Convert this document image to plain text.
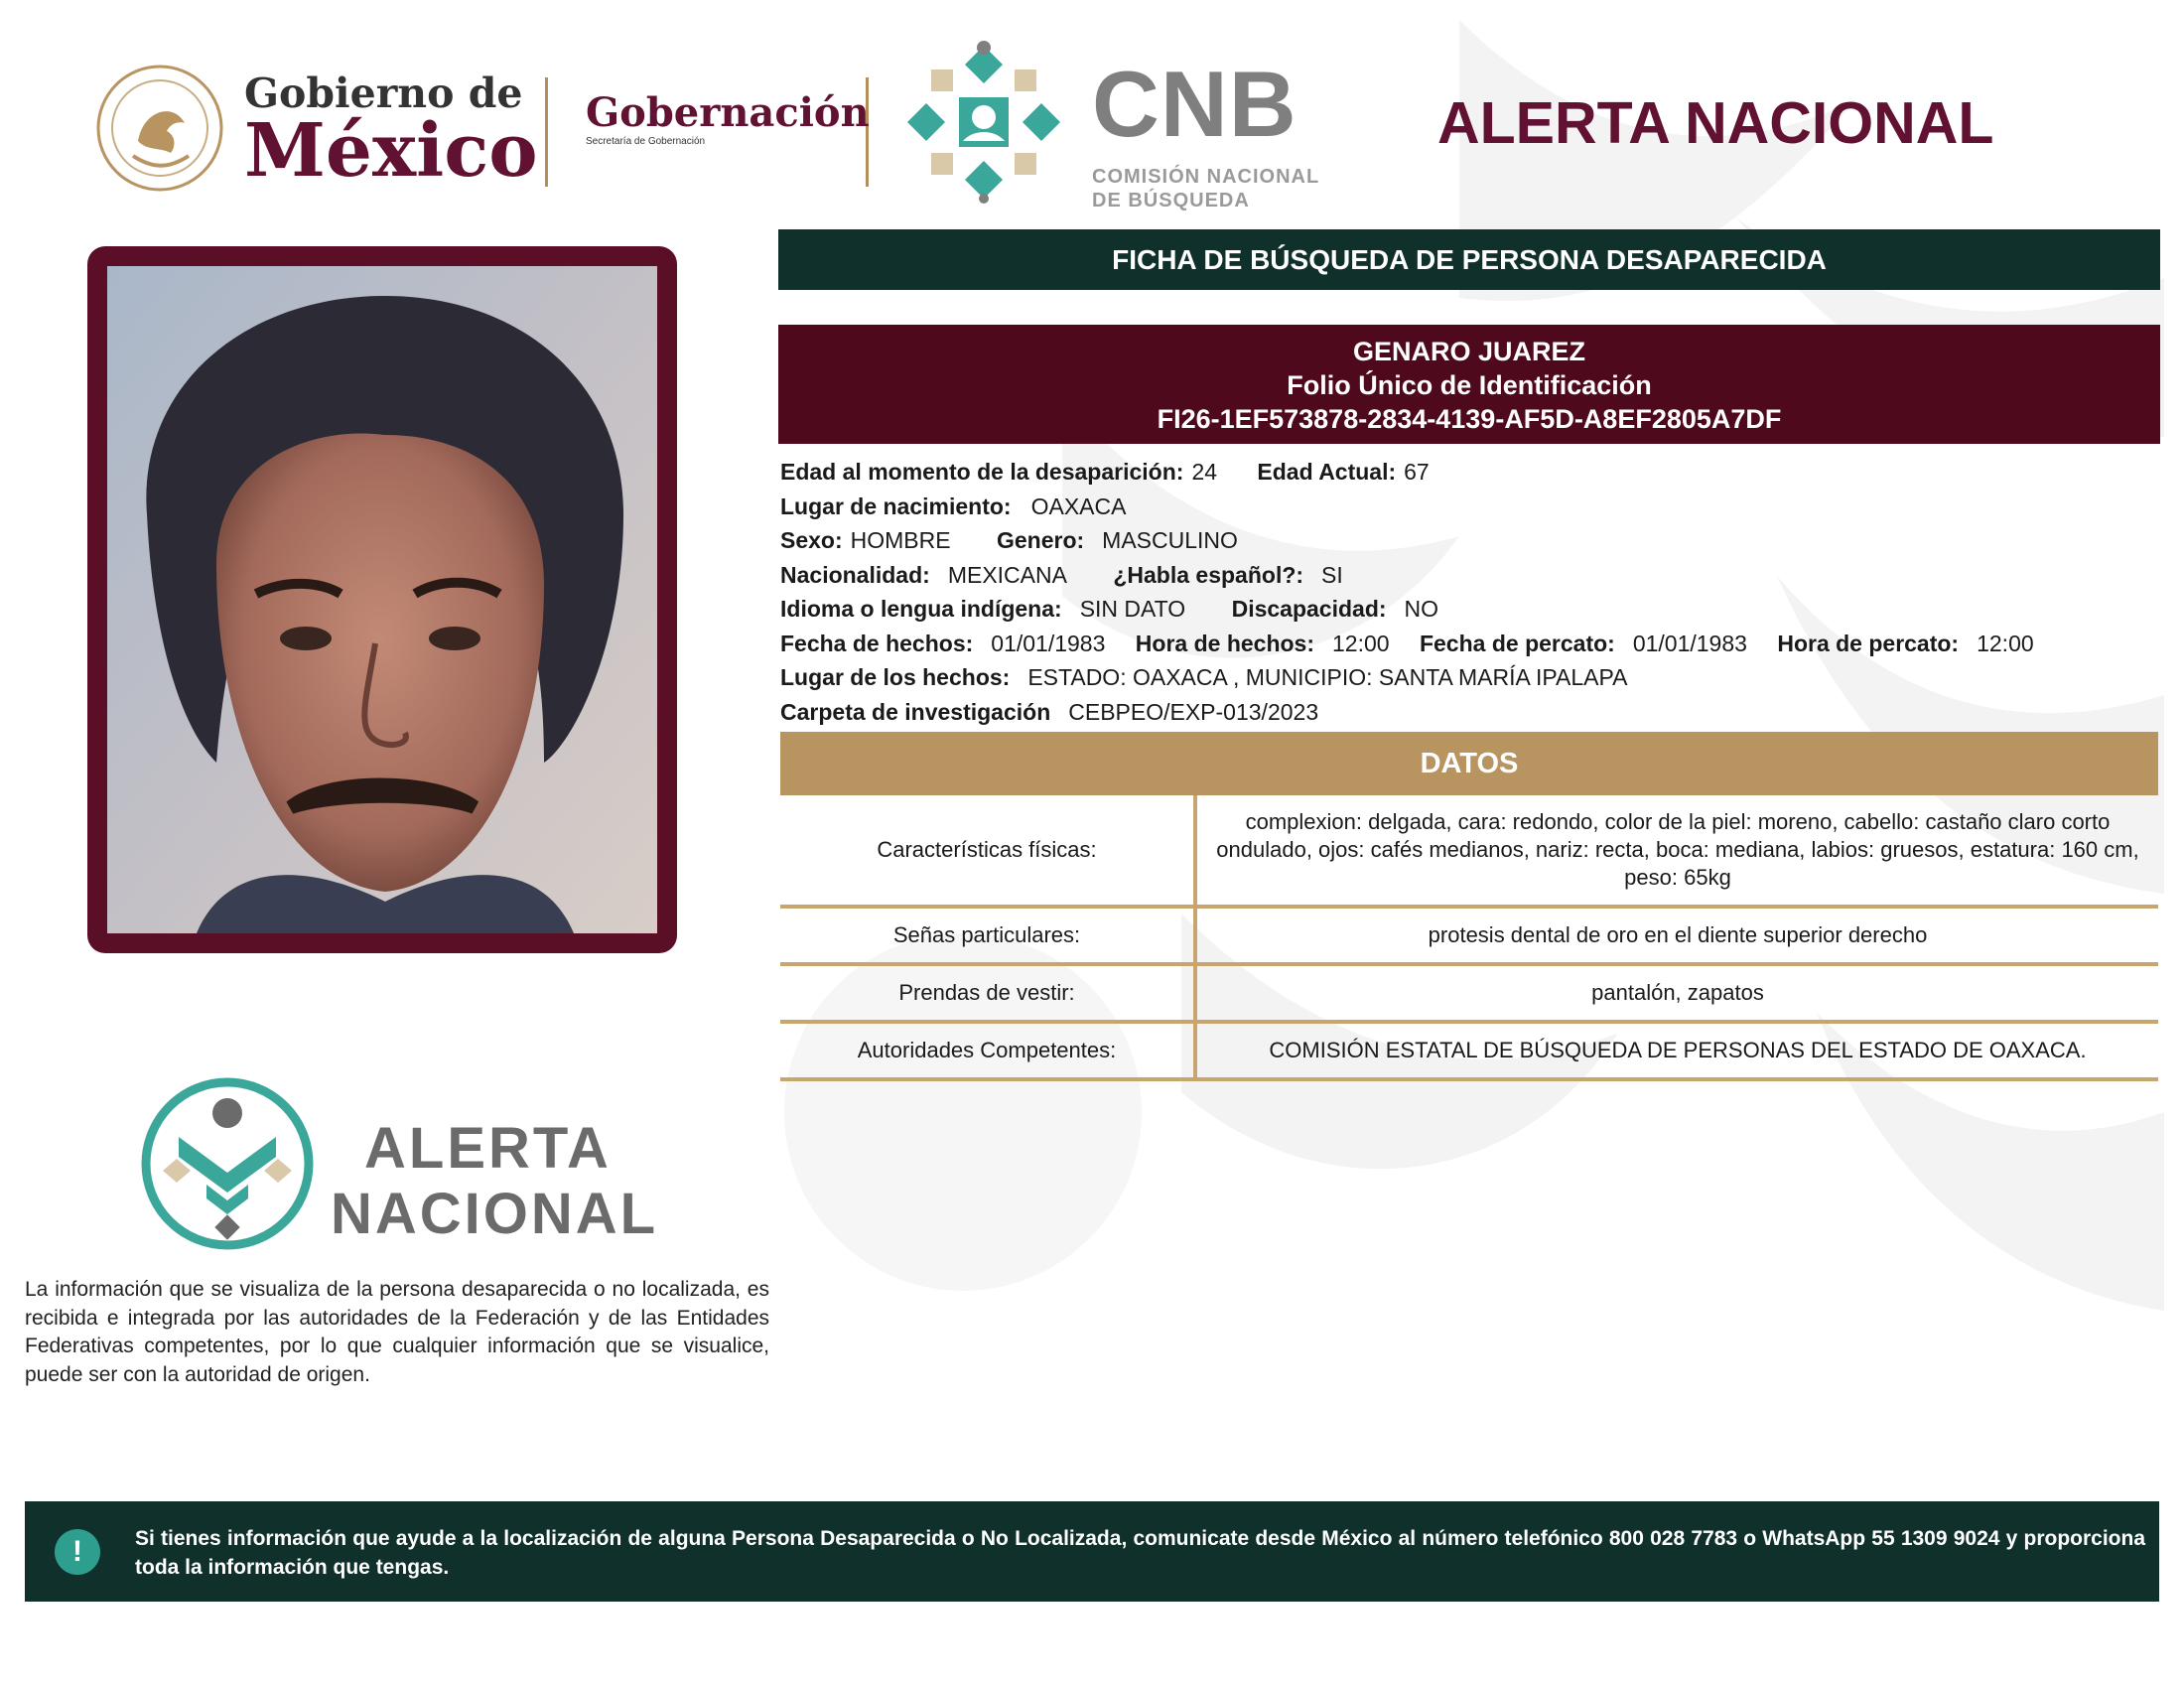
Gobierno de
México Gobernación
Secretaría de Gobernación	CNB
COMISIÓN NACIONAL
DE BÚSQUEDA
ALERTA NACIONAL
FICHA DE BÚSQUEDA DE PERSONA DESAPARECIDA
GENARO JUAREZ
Folio Único de Identificación
FI26-1EF573878-2834-4139-AF5D-A8EF2805A7DF
Edad al momento de la desaparición: 24 Edad Actual: 67
Lugar de nacimiento: OAXACA
Sexo: HOMBRE Genero: MASCULINO
Nacionalidad: MEXICANA ¿Habla español?: SI
Idioma o lengua indígena: SIN DATO Discapacidad: NO
Fecha de hechos: 01/01/1983 Hora de hechos: 12:00 Fecha de percato: 01/01/1983 Hora de percato: 12:00
Lugar de los hechos: ESTADO: OAXACA , MUNICIPIO: SANTA MARÍA IPALAPA
Carpeta de investigación CEBPEO/EXP-013/2023
DATOS
Características físicas:	complexion: delgada, cara: redondo, color de la piel: moreno, cabello: castaño claro corto ondulado, ojos: cafés medianos, nariz: recta, boca: mediana, labios: gruesos, estatura: 160 cm, peso: 65kg
Señas particulares:	protesis dental de oro en el diente superior derecho
Prendas de vestir:	pantalón, zapatos
Autoridades Competentes:	COMISIÓN ESTATAL DE BÚSQUEDA DE PERSONAS DEL ESTADO DE OAXACA.
ALERTA
NACIONAL
La información que se visualiza de la persona desaparecida o no localizada, es recibida e integrada por las autoridades de la Federación y de las Entidades Federativas competentes, por lo que cualquier información que se visualice, puede ser con la autoridad de origen.
!	Si tienes información que ayude a la localización de alguna Persona Desaparecida o No Localizada, comunicate desde México al número telefónico 800 028 7783 o WhatsApp 55 1309 9024 y proporciona toda la información que tengas.
